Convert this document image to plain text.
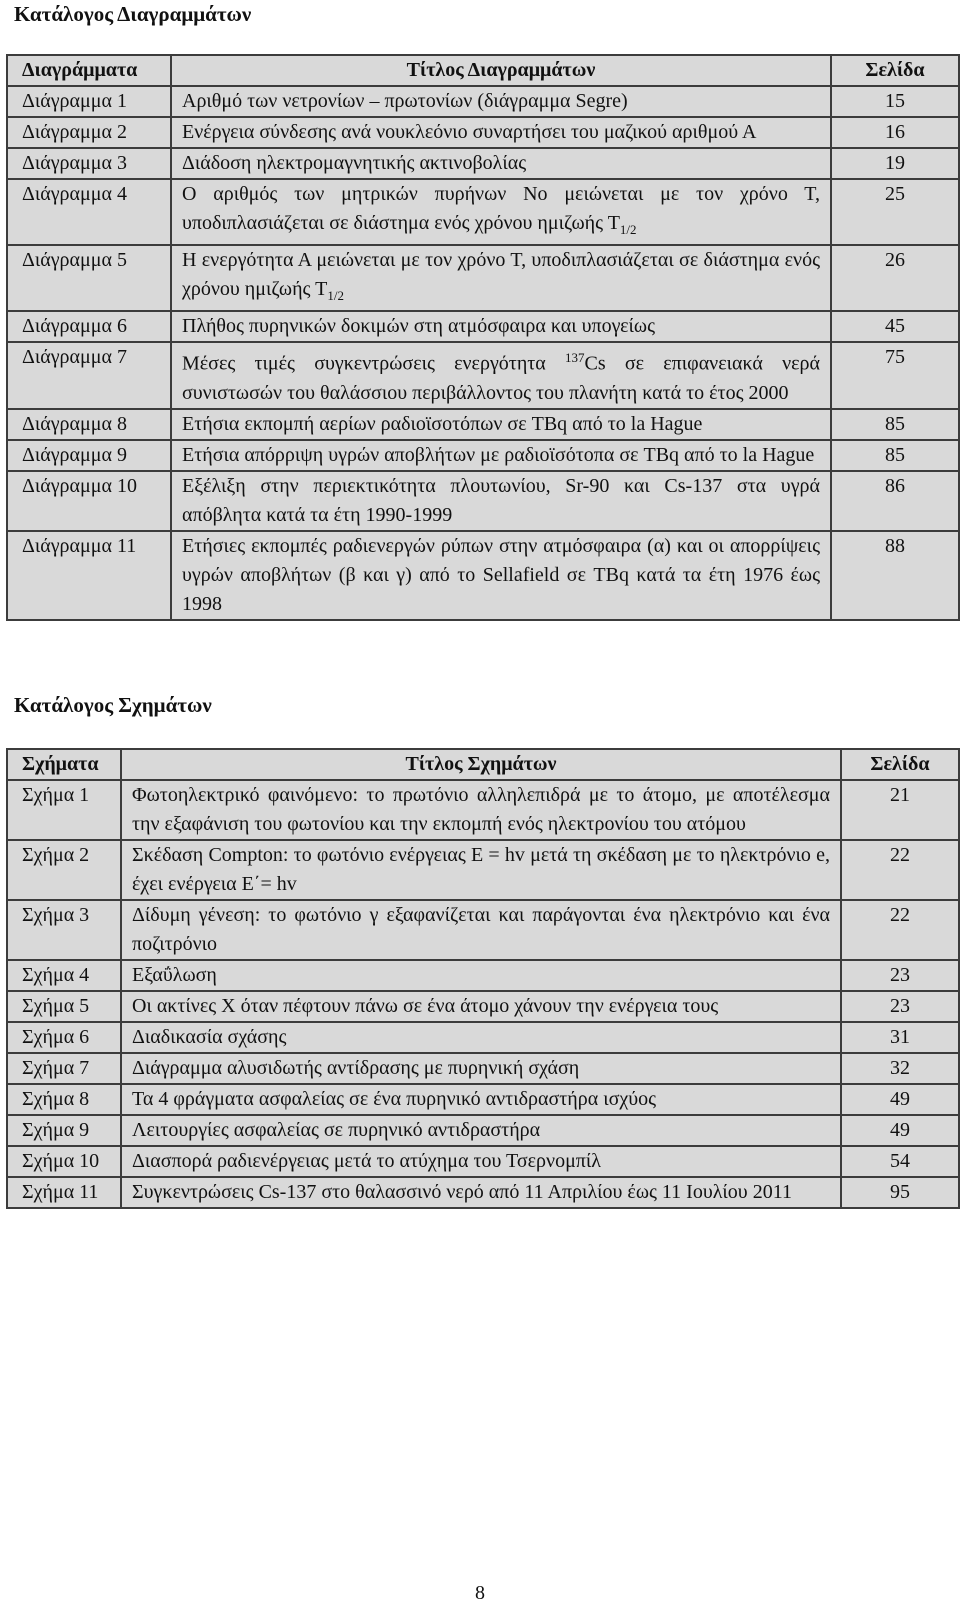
Κατάλογος Διαγραμμάτων
Διαγράμματα	Τίτλος Διαγραμμάτων	Σελίδα
Διάγραμμα 1	Αριθμό των νετρονίων – πρωτονίων (διάγραμμα Segre)	15
Διάγραμμα 2	Ενέργεια σύνδεσης ανά νουκλεόνιο συναρτήσει του μαζικού αριθμού Α	16
Διάγραμμα 3	Διάδοση ηλεκτρομαγνητικής ακτινοβολίας	19
Διάγραμμα 4	Ο αριθμός των μητρικών πυρήνων Νο μειώνεται με τον χρόνο Τ, υποδιπλασιάζεται σε διάστημα ενός χρόνου ημιζωής $T_{1/2}$	25
Διάγραμμα 5	Η ενεργότητα Α μειώνεται με τον χρόνο Τ, υποδιπλασιάζεται σε διάστημα ενός χρόνου ημιζωής $T_{1/2}$	26
Διάγραμμα 6	Πλήθος πυρηνικών δοκιμών στη ατμόσφαιρα και υπογείως	45
Διάγραμμα 7	Μέσες τιμές συγκεντρώσεις ενεργότητα $^{137}$Cs σε επιφανειακά νερά συνιστωσών του θαλάσσιου περιβάλλοντος του πλανήτη κατά το έτος 2000	75
Διάγραμμα 8	Ετήσια εκπομπή αερίων ραδιοϊσοτόπων σε TBq από το la Hague	85
Διάγραμμα 9	Ετήσια απόρριψη υγρών αποβλήτων με ραδιοϊσότοπα σε TBq από το la Hague	85
Διάγραμμα 10	Εξέλιξη στην περιεκτικότητα πλουτωνίου, Sr-90 και Cs-137 στα υγρά απόβλητα κατά τα έτη 1990-1999	86
Διάγραμμα 11	Ετήσιες εκπομπές ραδιενεργών ρύπων στην ατμόσφαιρα (α) και οι απορρίψεις υγρών αποβλήτων (β και γ) από το Sellafield σε TBq κατά τα έτη 1976 έως 1998	88
Κατάλογος Σχημάτων
Σχήματα	Τίτλος Σχημάτων	Σελίδα
Σχήμα 1	Φωτοηλεκτρικό φαινόμενο: το πρωτόνιο αλληλεπιδρά με το άτομο, με αποτέλεσμα την εξαφάνιση του φωτονίου και την εκπομπή ενός ηλεκτρονίου του ατόμου	21
Σχήμα 2	Σκέδαση Compton: το φωτόνιο ενέργειας E = hv μετά τη σκέδαση με το ηλεκτρόνιο e, έχει ενέργεια E΄= hv	22
Σχήμα 3	Δίδυμη γένεση: το φωτόνιο γ εξαφανίζεται και παράγονται ένα ηλεκτρόνιο και ένα ποζιτρόνιο	22
Σχήμα 4	Εξαΰλωση	23
Σχήμα 5	Οι ακτίνες Χ όταν πέφτουν πάνω σε ένα άτομο χάνουν την ενέργεια τους	23
Σχήμα 6	Διαδικασία σχάσης	31
Σχήμα 7	Διάγραμμα αλυσιδωτής αντίδρασης με πυρηνική σχάση	32
Σχήμα 8	Τα 4 φράγματα ασφαλείας σε ένα πυρηνικό αντιδραστήρα ισχύος	49
Σχήμα 9	Λειτουργίες ασφαλείας σε πυρηνικό αντιδραστήρα	49
Σχήμα 10	Διασπορά ραδιενέργειας μετά το ατύχημα του Τσερνομπίλ	54
Σχήμα 11	Συγκεντρώσεις Cs-137 στο θαλασσινό νερό από 11 Απριλίου έως 11 Ιουλίου 2011	95
8
